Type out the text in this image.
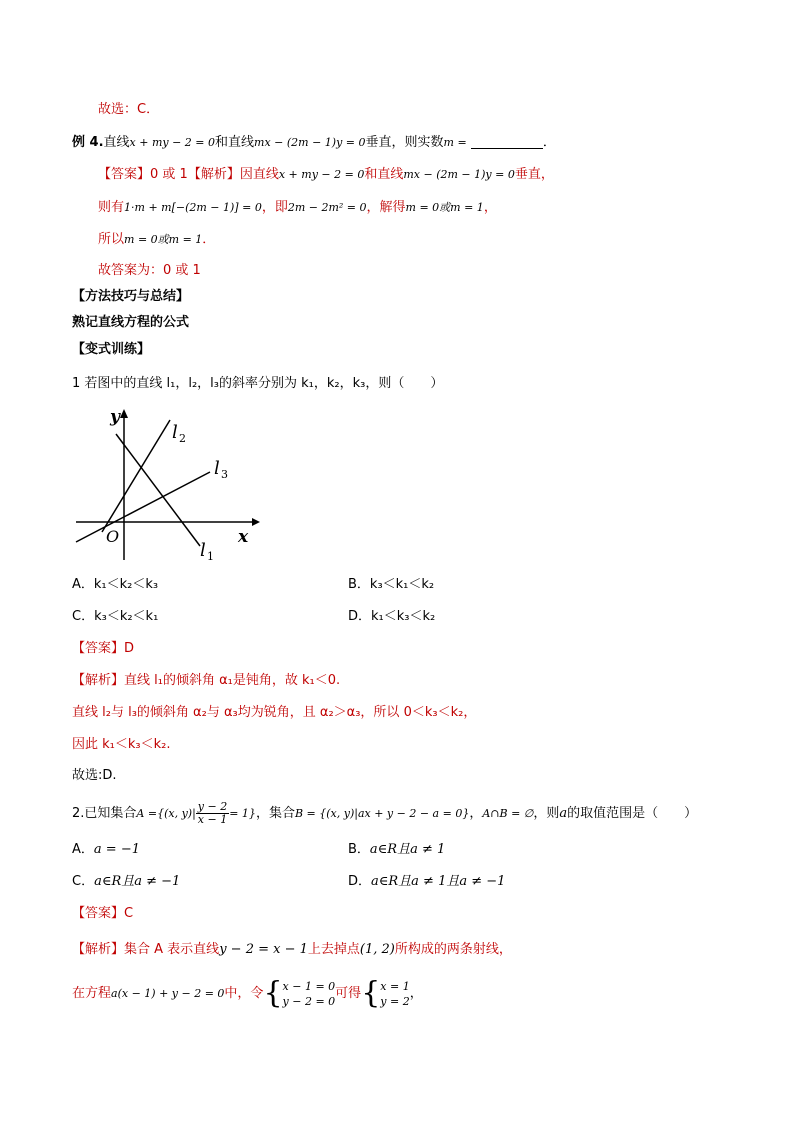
故选：C．
例 4.直线x + my − 2 = 0和直线mx − (2m − 1)y = 0垂直，则实数m =	．
【答案】0 或 1【解析】因直线x + my − 2 = 0和直线mx − (2m − 1)y = 0垂直，
则有1·m + m[−(2m − 1)] = 0，即2m − 2m² = 0，解得m = 0或m = 1，
所以m = 0或m = 1．
故答案为：0 或 1
【方法技巧与总结】
熟记直线方程的公式
【变式训练】
1 若图中的直线 l₁，l₂，l₃的斜率分别为 k₁，k₂，k₃，则（　　）
y
x
O
l 2
l 3
l 1
A．k₁＜k₂＜k₃	B．k₃＜k₁＜k₂
C．k₃＜k₂＜k₁	D．k₁＜k₃＜k₂
【答案】D
【解析】直线 l₁的倾斜角 α₁是钝角，故 k₁＜0.
直线 l₂与 l₃的倾斜角 α₂与 α₃均为锐角，且 α₂＞α₃，所以 0＜k₃＜k₂，
因此 k₁＜k₃＜k₂.
故选:D.
2.已知集合A ={(x, $y)| \frac{y - 2}{x - 1} = 1$}，集合B = {(x, y)|ax + y − 2 − a = 0}，A∩B = ∅，则a的取值范围是（　　）
A．a = −1	B．a∈R且a ≠ 1
C．a∈R且a ≠ −1	D．a∈R且a ≠ 1且a ≠ −1
【答案】C
【解析】集合 A 表示直线y − 2 = x − 1上去掉点(1, 2)所构成的两条射线，
在方程a(x − 1) + y − 2 = 0中，令{ x − 1 = 0
y − 2 = 0 可得{ x = 1
y = 2 ，
